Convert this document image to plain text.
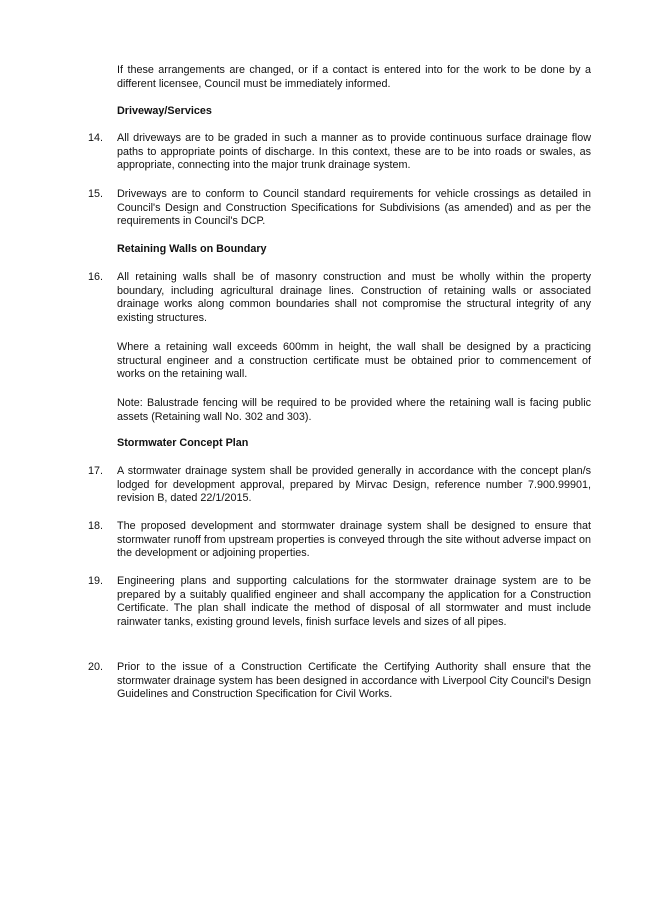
If these arrangements are changed, or if a contact is entered into for the work to be done by a different licensee, Council must be immediately informed.

Driveway/Services

14.	All driveways are to be graded in such a manner as to provide continuous surface drainage flow paths to appropriate points of discharge. In this context, these are to be into roads or swales, as appropriate, connecting into the major trunk drainage system.

15.	Driveways are to conform to Council standard requirements for vehicle crossings as detailed in Council's Design and Construction Specifications for Subdivisions (as amended) and as per the requirements in Council's DCP.

Retaining Walls on Boundary

16.	All retaining walls shall be of masonry construction and must be wholly within the property boundary, including agricultural drainage lines. Construction of retaining walls or associated drainage works along common boundaries shall not compromise the structural integrity of any existing structures.

Where a retaining wall exceeds 600mm in height, the wall shall be designed by a practicing structural engineer and a construction certificate must be obtained prior to commencement of works on the retaining wall.

Note: Balustrade fencing will be required to be provided where the retaining wall is facing public assets (Retaining wall No. 302 and 303).

Stormwater Concept Plan

17.	A stormwater drainage system shall be provided generally in accordance with the concept plan/s lodged for development approval, prepared by Mirvac Design, reference number 7.900.99901, revision B, dated 22/1/2015.

18.	The proposed development and stormwater drainage system shall be designed to ensure that stormwater runoff from upstream properties is conveyed through the site without adverse impact on the development or adjoining properties.

19.	Engineering plans and supporting calculations for the stormwater drainage system are to be prepared by a suitably qualified engineer and shall accompany the application for a Construction Certificate. The plan shall indicate the method of disposal of all stormwater and must include rainwater tanks, existing ground levels, finish surface levels and sizes of all pipes.

20.	Prior to the issue of a Construction Certificate the Certifying Authority shall ensure that the stormwater drainage system has been designed in accordance with Liverpool City Council's Design Guidelines and Construction Specification for Civil Works.
